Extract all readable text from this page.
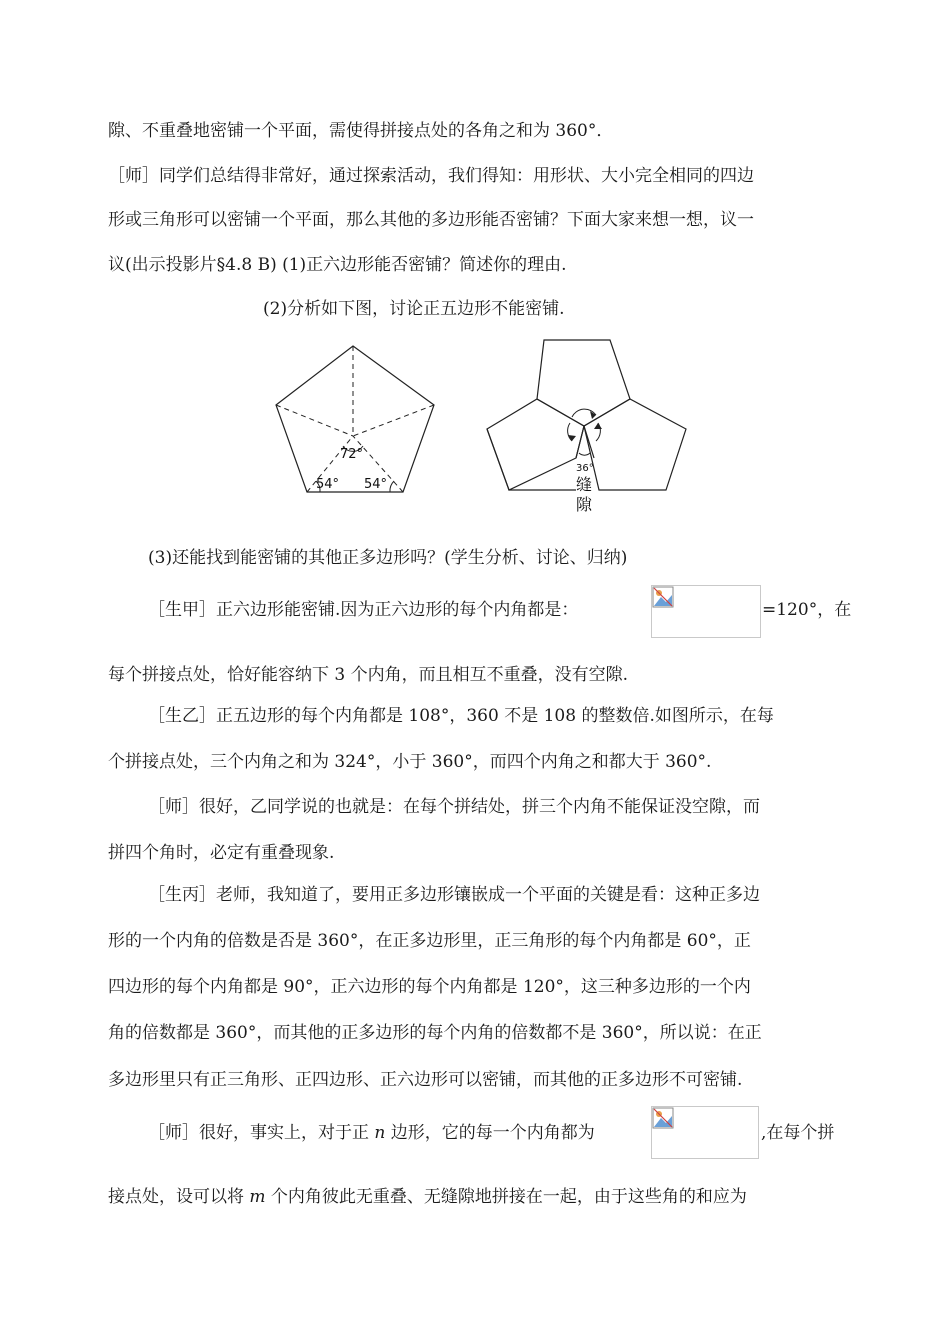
隙、不重叠地密铺一个平面，需使得拼接点处的各角之和为 360°．
［师］同学们总结得非常好，通过探索活动，我们得知：用形状、大小完全相同的四边
形或三角形可以密铺一个平面，那么其他的多边形能否密铺？下面大家来想一想，议一
议(出示投影片§4.8 B) (1)正六边形能否密铺？简述你的理由.
(2)分析如下图，讨论正五边形不能密铺.
72°
54° 54°
36°
缝
隙
(3)还能找到能密铺的其他正多边形吗？(学生分析、讨论、归纳)
［生甲］正六边形能密铺.因为正六边形的每个内角都是：	=120°，在
每个拼接点处，恰好能容纳下 3 个内角，而且相互不重叠，没有空隙.
［生乙］正五边形的每个内角都是 108°，360 不是 108 的整数倍.如图所示，在每
个拼接点处，三个内角之和为 324°，小于 360°，而四个内角之和都大于 360°.
［师］很好，乙同学说的也就是：在每个拼结处，拼三个内角不能保证没空隙，而
拼四个角时，必定有重叠现象.
［生丙］老师，我知道了，要用正多边形镶嵌成一个平面的关键是看：这种正多边
形的一个内角的倍数是否是 360°，在正多边形里，正三角形的每个内角都是 60°，正
四边形的每个内角都是 90°，正六边形的每个内角都是 120°，这三种多边形的一个内
角的倍数都是 360°，而其他的正多边形的每个内角的倍数都不是 360°，所以说：在正
多边形里只有正三角形、正四边形、正六边形可以密铺，而其他的正多边形不可密铺.
［师］很好，事实上，对于正 n 边形，它的每一个内角都为	,在每个拼
接点处，设可以将 m 个内角彼此无重叠、无缝隙地拼接在一起，由于这些角的和应为
